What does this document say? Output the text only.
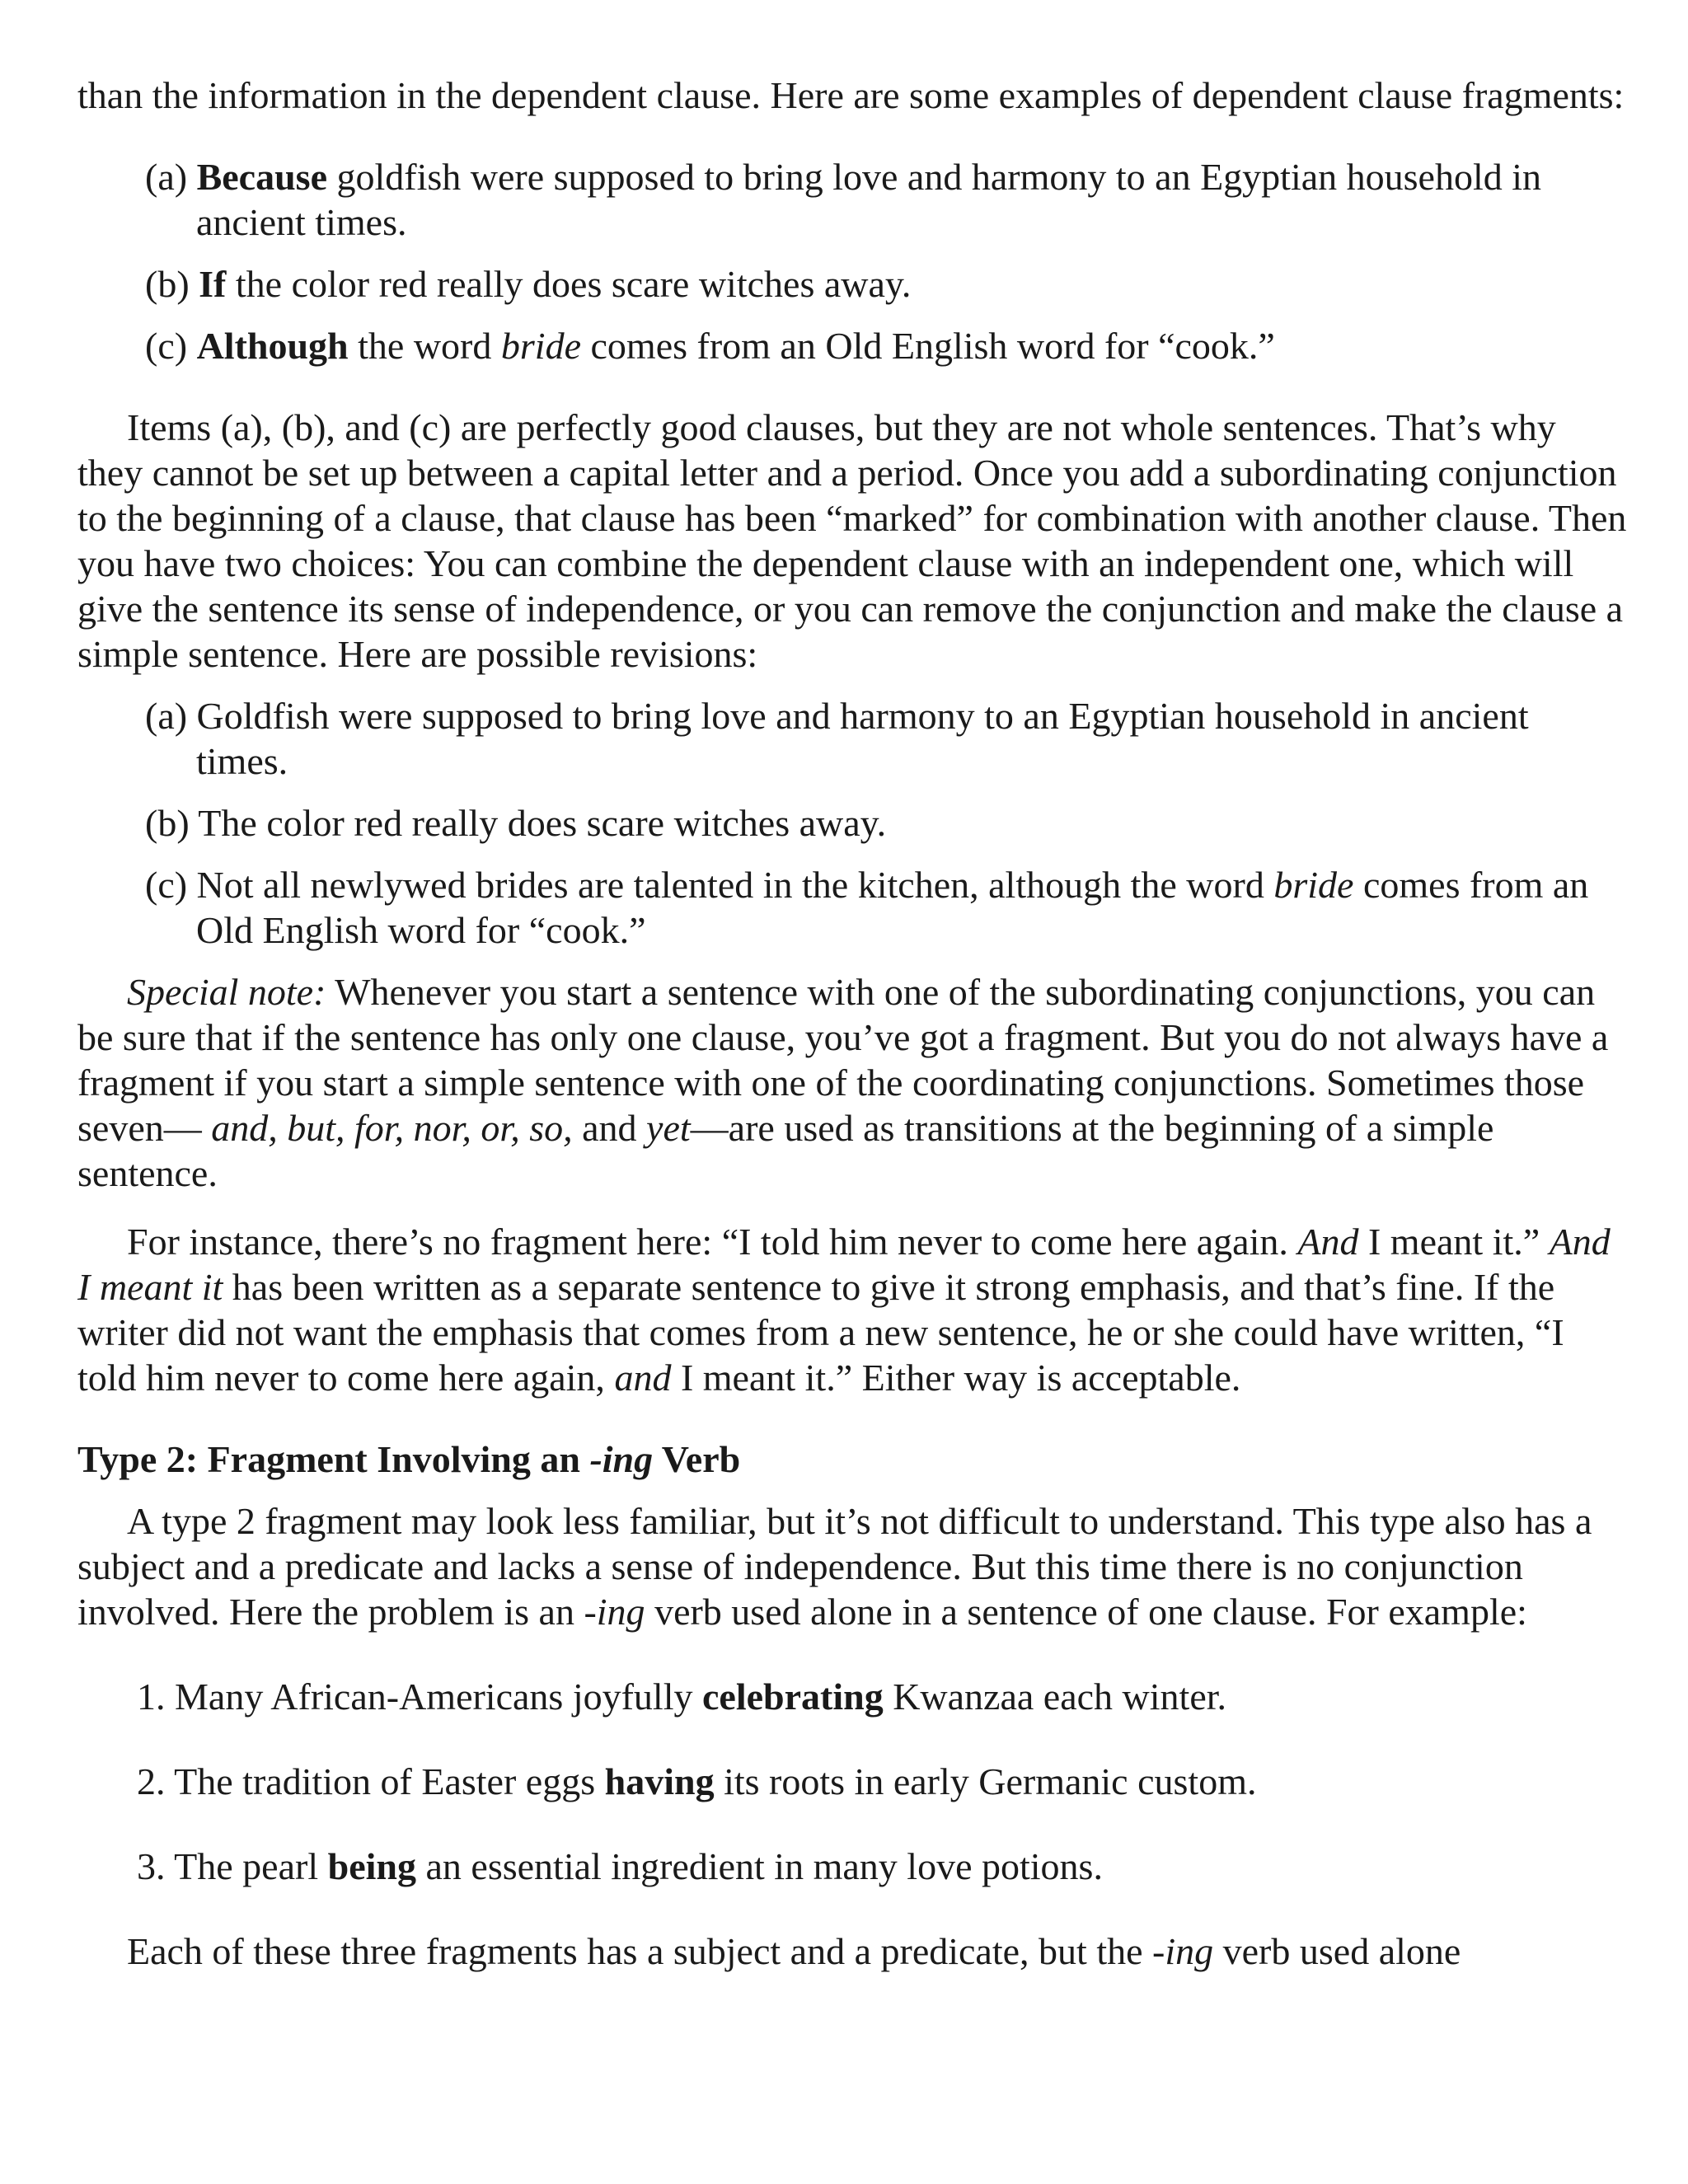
than the information in the dependent clause. Here are some examples of dependent clause fragments:

(a) Because goldfish were supposed to bring love and harmony to an Egyptian household in ancient times.
(b) If the color red really does scare witches away.
(c) Although the word bride comes from an Old English word for “cook.”

Items (a), (b), and (c) are perfectly good clauses, but they are not whole sentences. That’s why they cannot be set up between a capital letter and a period. Once you add a subordinating conjunction to the beginning of a clause, that clause has been “marked” for combination with another clause. Then you have two choices: You can combine the dependent clause with an independent one, which will give the sentence its sense of independence, or you can remove the conjunction and make the clause a simple sentence. Here are possible revisions:

(a) Goldfish were supposed to bring love and harmony to an Egyptian household in ancient times.
(b) The color red really does scare witches away.
(c) Not all newlywed brides are talented in the kitchen, although the word bride comes from an Old English word for “cook.”

Special note: Whenever you start a sentence with one of the subordinating conjunctions, you can be sure that if the sentence has only one clause, you’ve got a fragment. But you do not always have a fragment if you start a simple sentence with one of the coordinating conjunctions. Sometimes those seven— and, but, for, nor, or, so, and yet—are used as transitions at the beginning of a simple sentence.

For instance, there’s no fragment here: “I told him never to come here again. And I meant it.” And I meant it has been written as a separate sentence to give it strong emphasis, and that’s fine. If the writer did not want the emphasis that comes from a new sentence, he or she could have written, “I told him never to come here again, and I meant it.” Either way is acceptable.

Type 2: Fragment Involving an -ing Verb

A type 2 fragment may look less familiar, but it’s not difficult to understand. This type also has a subject and a predicate and lacks a sense of independence. But this time there is no conjunction involved. Here the problem is an -ing verb used alone in a sentence of one clause. For example:

1. Many African-Americans joyfully celebrating Kwanzaa each winter.
2. The tradition of Easter eggs having its roots in early Germanic custom.
3. The pearl being an essential ingredient in many love potions.

Each of these three fragments has a subject and a predicate, but the -ing verb used alone
